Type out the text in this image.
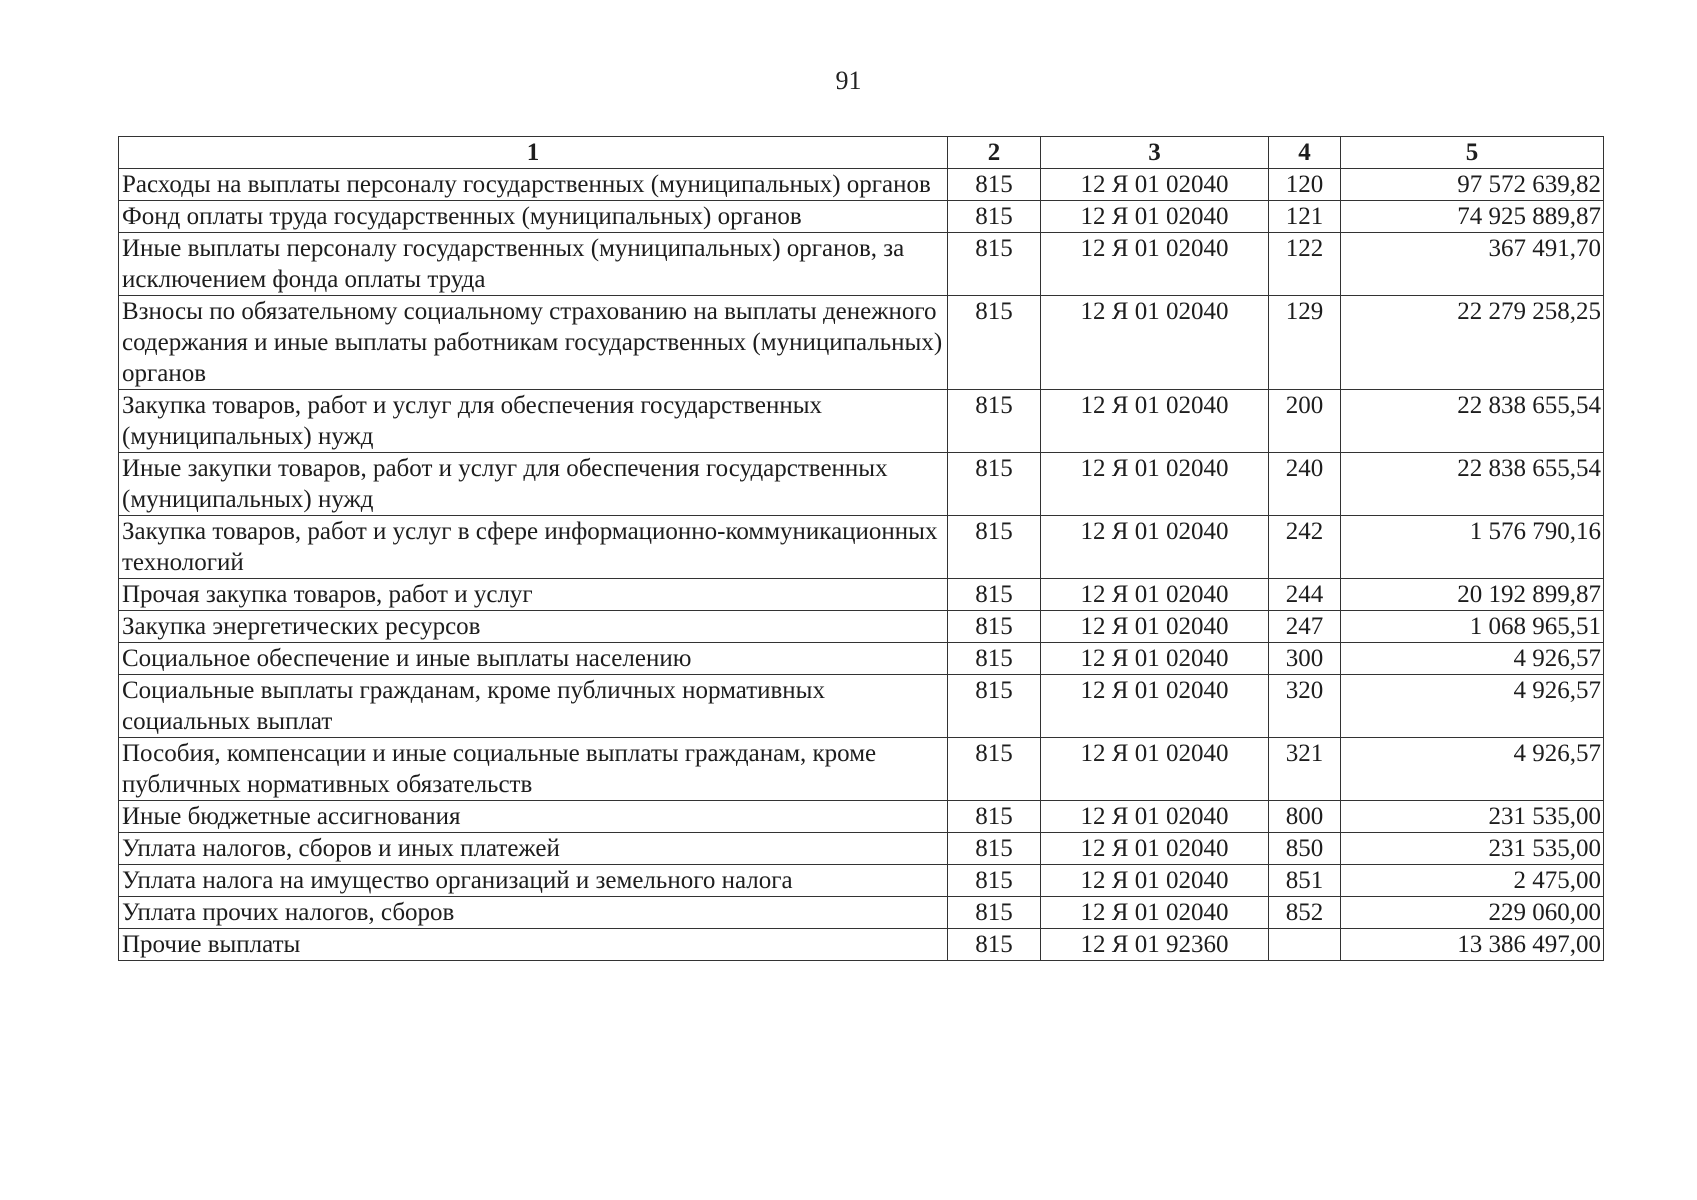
91
1	2	3	4	5
Расходы на выплаты персоналу государственных (муниципальных) органов	815	12 Я 01 02040	120	97 572 639,82
Фонд оплаты труда государственных (муниципальных) органов	815	12 Я 01 02040	121	74 925 889,87
Иные выплаты персоналу государственных (муниципальных) органов, за исключением фонда оплаты труда	815	12 Я 01 02040	122	367 491,70
Взносы по обязательному социальному страхованию на выплаты денежного содержания и иные выплаты работникам государственных (муниципальных) органов	815	12 Я 01 02040	129	22 279 258,25
Закупка товаров, работ и услуг для обеспечения государственных (муниципальных) нужд	815	12 Я 01 02040	200	22 838 655,54
Иные закупки товаров, работ и услуг для обеспечения государственных (муниципальных) нужд	815	12 Я 01 02040	240	22 838 655,54
Закупка товаров, работ и услуг в сфере информационно-коммуникационных технологий	815	12 Я 01 02040	242	1 576 790,16
Прочая закупка товаров, работ и услуг	815	12 Я 01 02040	244	20 192 899,87
Закупка энергетических ресурсов	815	12 Я 01 02040	247	1 068 965,51
Социальное обеспечение и иные выплаты населению	815	12 Я 01 02040	300	4 926,57
Социальные выплаты гражданам, кроме публичных нормативных социальных выплат	815	12 Я 01 02040	320	4 926,57
Пособия, компенсации и иные социальные выплаты гражданам, кроме публичных нормативных обязательств	815	12 Я 01 02040	321	4 926,57
Иные бюджетные ассигнования	815	12 Я 01 02040	800	231 535,00
Уплата налогов, сборов и иных платежей	815	12 Я 01 02040	850	231 535,00
Уплата налога на имущество организаций и земельного налога	815	12 Я 01 02040	851	2 475,00
Уплата прочих налогов, сборов	815	12 Я 01 02040	852	229 060,00
Прочие выплаты	815	12 Я 01 92360		13 386 497,00
